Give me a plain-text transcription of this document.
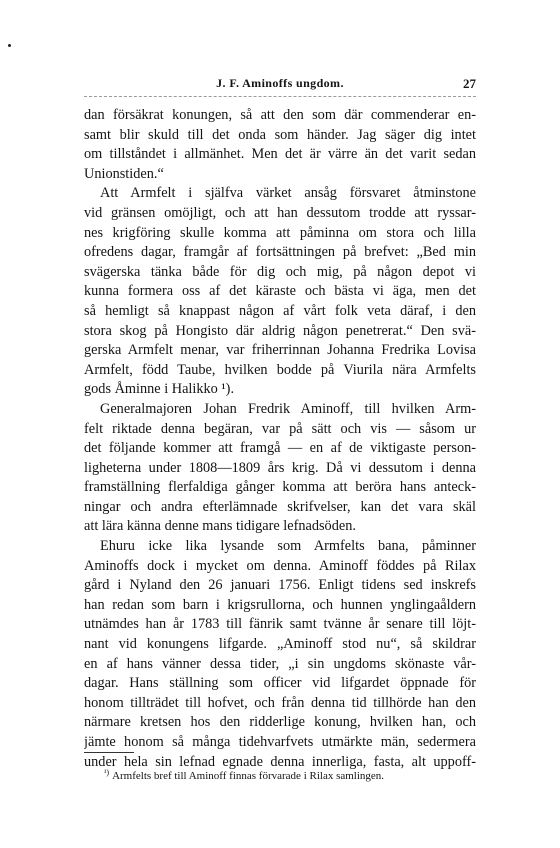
J. F. Aminoffs ungdom.	27
dan försäkrat konungen, så att den som där commenderar en-
samt blir skuld till det onda som händer. Jag säger dig intet
om tillståndet i allmänhet. Men det är värre än det varit sedan
Unionstiden.“
Att Armfelt i själfva värket ansåg försvaret åtminstone
vid gränsen omöjligt, och att han dessutom trodde att ryssar-
nes krigföring skulle komma att påminna om stora och lilla
ofredens dagar, framgår af fortsättningen på brefvet: „Bed min
svägerska tänka både för dig och mig, på någon depot vi
kunna formera oss af det käraste och bästa vi äga, men det
så hemligt så knappast någon af vårt folk veta däraf, i den
stora skog på Hongisto där aldrig någon penetrerat.“ Den svä-
gerska Armfelt menar, var friherrinnan Johanna Fredrika Lovisa
Armfelt, född Taube, hvilken bodde på Viurila nära Armfelts
gods Åminne i Halikko ¹).
Generalmajoren Johan Fredrik Aminoff, till hvilken Arm-
felt riktade denna begäran, var på sätt och vis — såsom ur
det följande kommer att framgå — en af de viktigaste person-
ligheterna under 1808—1809 års krig. Då vi dessutom i denna
framställning flerfaldiga gånger komma att beröra hans anteck-
ningar och andra efterlämnade skrifvelser, kan det vara skäl
att lära känna denne mans tidigare lefnadsöden.
Ehuru icke lika lysande som Armfelts bana, påminner
Aminoffs dock i mycket om denna. Aminoff föddes på Rilax
gård i Nyland den 26 januari 1756. Enligt tidens sed inskrefs
han redan som barn i krigsrullorna, och hunnen ynglingaåldern
utnämdes han år 1783 till fänrik samt tvänne år senare till löjt-
nant vid konungens lifgarde. „Aminoff stod nu“, så skildrar
en af hans vänner dessa tider, „i sin ungdoms skönaste vår-
dagar. Hans ställning som officer vid lifgardet öppnade för
honom tillträdet till hofvet, och från denna tid tillhörde han den
närmare kretsen hos den ridderlige konung, hvilken han, och
jämte honom så många tidehvarfvets utmärkte män, sedermera
under hela sin lefnad egnade denna innerliga, fasta, alt uppoff-
$^{^1)}$ Armfelts bref till Aminoff finnas förvarade i Rilax samlingen.
